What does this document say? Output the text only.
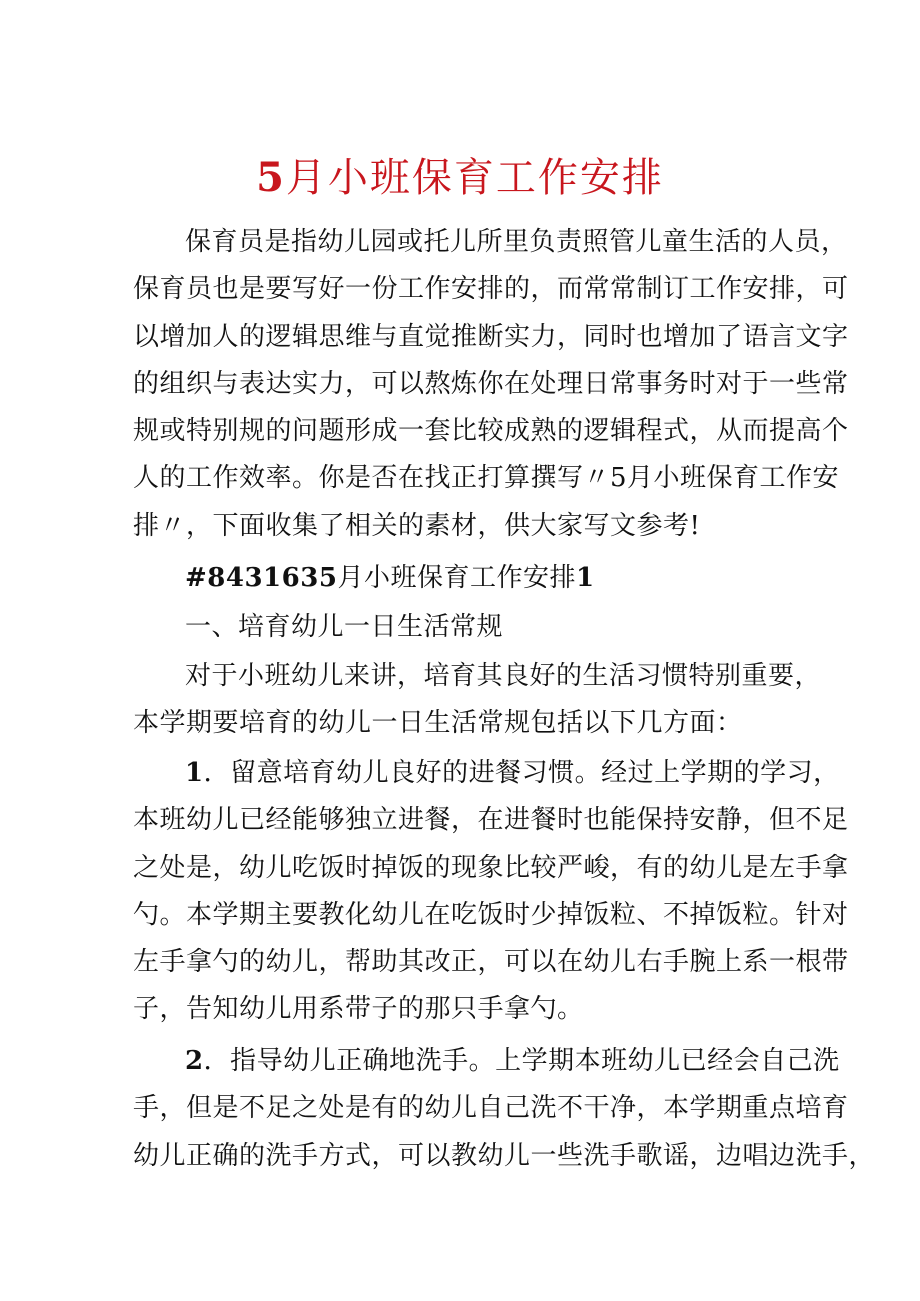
5月小班保育工作安排
保育员是指幼儿园或托儿所里负责照管儿童生活的人员，
保育员也是要写好一份工作安排的，而常常制订工作安排，可
以增加人的逻辑思维与直觉推断实力，同时也增加了语言文字
的组织与表达实力，可以熬炼你在处理日常事务时对于一些常
规或特别规的问题形成一套比较成熟的逻辑程式，从而提高个
人的工作效率。你是否在找正打算撰写〃5月小班保育工作安
排〃，下面收集了相关的素材，供大家写文参考!
#8431635月小班保育工作安排1
一、培育幼儿一日生活常规
对于小班幼儿来讲，培育其良好的生活习惯特别重要，
本学期要培育的幼儿一日生活常规包括以下几方面：
1．留意培育幼儿良好的进餐习惯。经过上学期的学习，
本班幼儿已经能够独立进餐，在进餐时也能保持安静，但不足
之处是，幼儿吃饭时掉饭的现象比较严峻，有的幼儿是左手拿
勺。本学期主要教化幼儿在吃饭时少掉饭粒、不掉饭粒。针对
左手拿勺的幼儿，帮助其改正，可以在幼儿右手腕上系一根带
子，告知幼儿用系带子的那只手拿勺。
2．指导幼儿正确地洗手。上学期本班幼儿已经会自己洗
手，但是不足之处是有的幼儿自己洗不干净，本学期重点培育
幼儿正确的洗手方式，可以教幼儿一些洗手歌谣，边唱边洗手，
